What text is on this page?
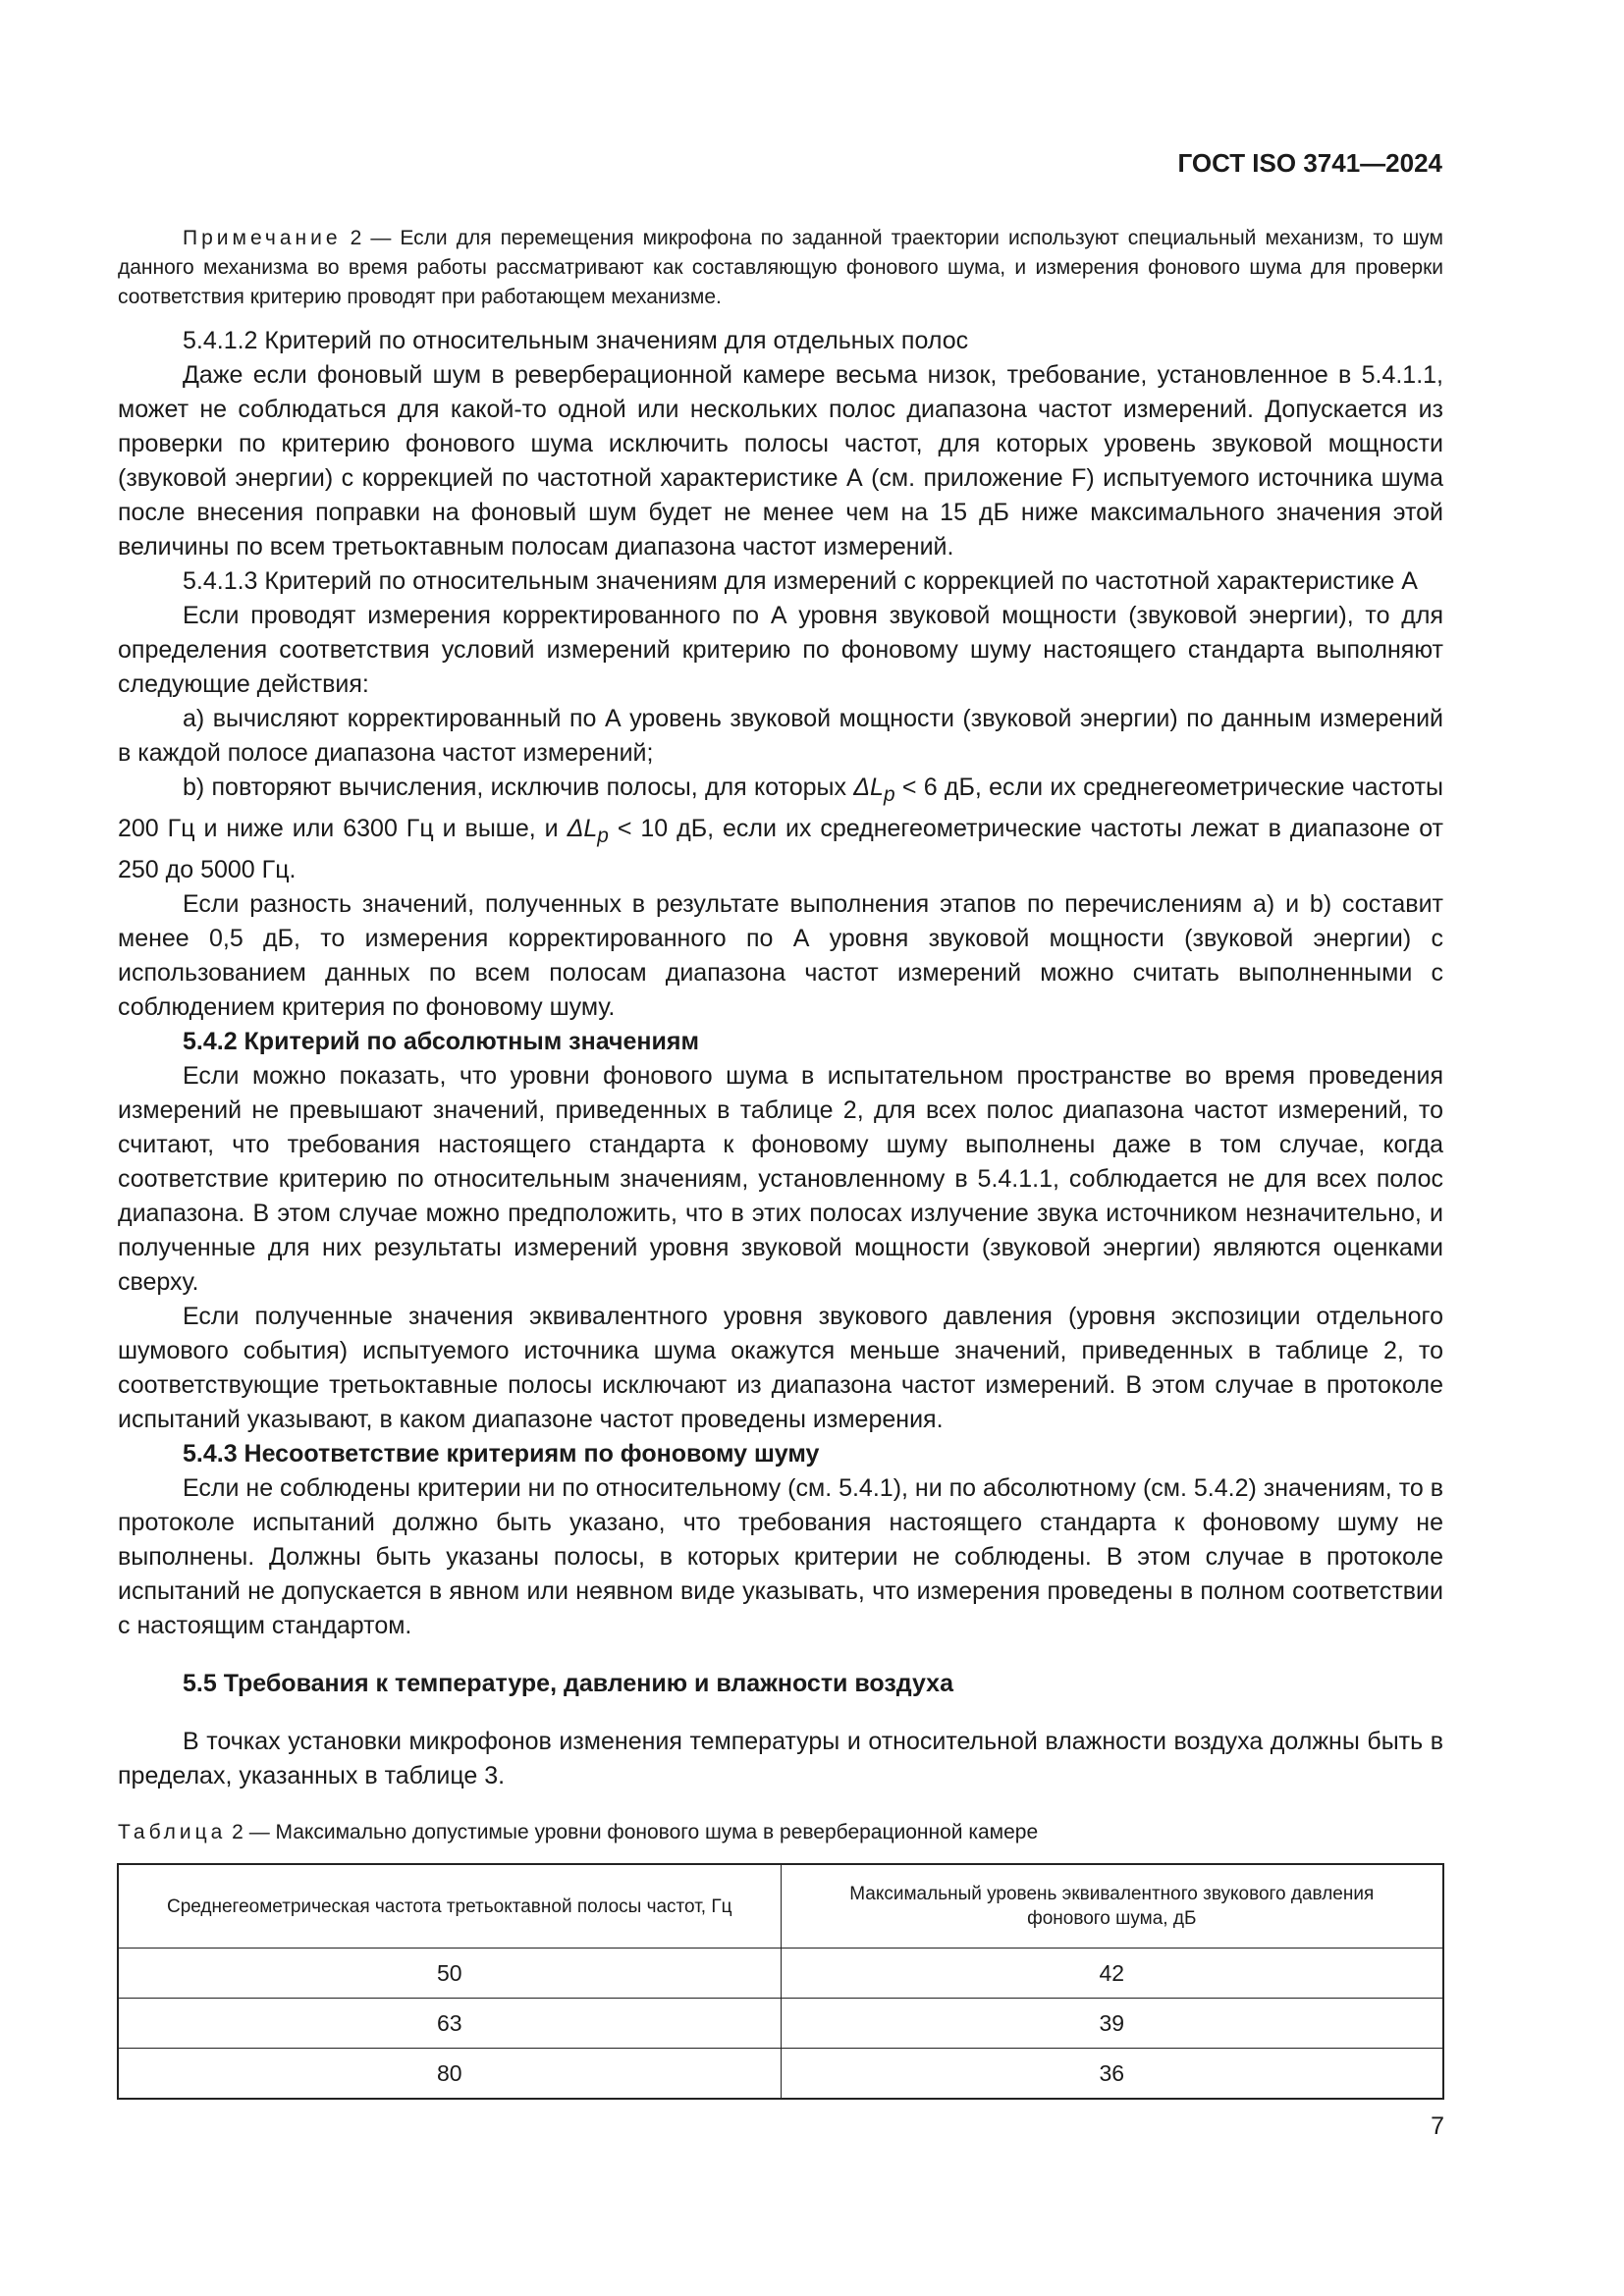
ГОСТ ISO 3741—2024

Примечание 2 — Если для перемещения микрофона по заданной траектории используют специальный механизм, то шум данного механизма во время работы рассматривают как составляющую фонового шума, и измерения фонового шума для проверки соответствия критерию проводят при работающем механизме.

5.4.1.2 Критерий по относительным значениям для отдельных полос

Даже если фоновый шум в реверберационной камере весьма низок, требование, установленное в 5.4.1.1, может не соблюдаться для какой-то одной или нескольких полос диапазона частот измерений. Допускается из проверки по критерию фонового шума исключить полосы частот, для которых уровень звуковой мощности (звуковой энергии) с коррекцией по частотной характеристике А (см. приложение F) испытуемого источника шума после внесения поправки на фоновый шум будет не менее чем на 15 дБ ниже максимального значения этой величины по всем третьоктавным полосам диапазона частот измерений.

5.4.1.3 Критерий по относительным значениям для измерений с коррекцией по частотной характеристике А

Если проводят измерения корректированного по А уровня звуковой мощности (звуковой энергии), то для определения соответствия условий измерений критерию по фоновому шуму настоящего стандарта выполняют следующие действия:

a) вычисляют корректированный по А уровень звуковой мощности (звуковой энергии) по данным измерений в каждой полосе диапазона частот измерений;

b) повторяют вычисления, исключив полосы, для которых $\Delta L_p < 6$ дБ, если их среднегеометрические частоты 200 Гц и ниже или 6300 Гц и выше, и $\Delta L_p < 10$ дБ, если их среднегеометрические частоты лежат в диапазоне от 250 до 5000 Гц.

Если разность значений, полученных в результате выполнения этапов по перечислениям а) и b) составит менее 0,5 дБ, то измерения корректированного по А уровня звуковой мощности (звуковой энергии) с использованием данных по всем полосам диапазона частот измерений можно считать выполненными с соблюдением критерия по фоновому шуму.

5.4.2 Критерий по абсолютным значениям

Если можно показать, что уровни фонового шума в испытательном пространстве во время проведения измерений не превышают значений, приведенных в таблице 2, для всех полос диапазона частот измерений, то считают, что требования настоящего стандарта к фоновому шуму выполнены даже в том случае, когда соответствие критерию по относительным значениям, установленному в 5.4.1.1, соблюдается не для всех полос диапазона. В этом случае можно предположить, что в этих полосах излучение звука источником незначительно, и полученные для них результаты измерений уровня звуковой мощности (звуковой энергии) являются оценками сверху.

Если полученные значения эквивалентного уровня звукового давления (уровня экспозиции отдельного шумового события) испытуемого источника шума окажутся меньше значений, приведенных в таблице 2, то соответствующие третьоктавные полосы исключают из диапазона частот измерений. В этом случае в протоколе испытаний указывают, в каком диапазоне частот проведены измерения.

5.4.3 Несоответствие критериям по фоновому шуму

Если не соблюдены критерии ни по относительному (см. 5.4.1), ни по абсолютному (см. 5.4.2) значениям, то в протоколе испытаний должно быть указано, что требования настоящего стандарта к фоновому шуму не выполнены. Должны быть указаны полосы, в которых критерии не соблюдены. В этом случае в протоколе испытаний не допускается в явном или неявном виде указывать, что измерения проведены в полном соответствии с настоящим стандартом.

5.5 Требования к температуре, давлению и влажности воздуха

В точках установки микрофонов изменения температуры и относительной влажности воздуха должны быть в пределах, указанных в таблице 3.

Таблица 2 — Максимально допустимые уровни фонового шума в реверберационной камере

Среднегеометрическая частота третьоктавной полосы частот, Гц	Максимальный уровень эквивалентного звукового давления фонового шума, дБ
50	42
63	39
80	36
7
